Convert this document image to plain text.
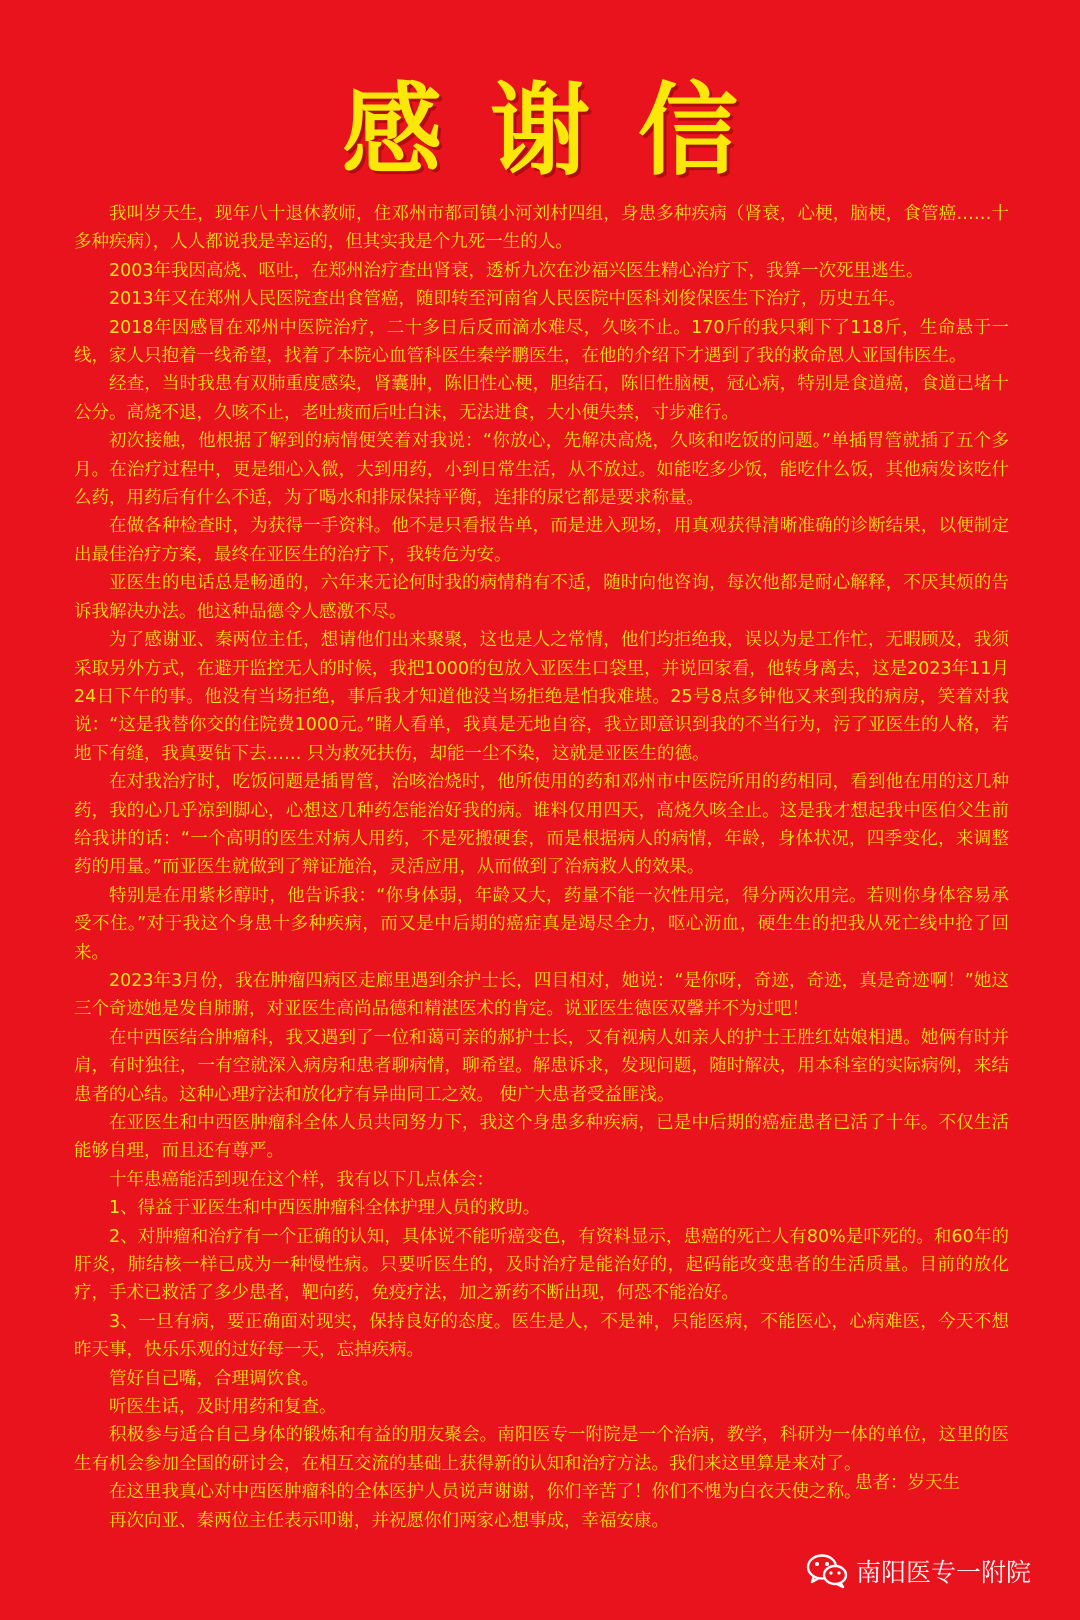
感谢信

我叫岁天生，现年八十退休教师，住邓州市都司镇小河刘村四组，身患多种疾病（肾衰，心梗，脑梗，食管癌……十多种疾病），人人都说我是幸运的，但其实我是个九死一生的人。

2003年我因高烧、呕吐，在郑州治疗查出肾衰，透析九次在沙福兴医生精心治疗下，我算一次死里逃生。

2013年又在郑州人民医院查出食管癌，随即转至河南省人民医院中医科刘俊保医生下治疗，历史五年。

2018年因感冒在邓州中医院治疗，二十多日后反而滴水难尽，久咳不止。170斤的我只剩下了118斤，生命悬于一线，家人只抱着一线希望，找着了本院心血管科医生秦学鹏医生，在他的介绍下才遇到了我的救命恩人亚国伟医生。

经查，当时我患有双肺重度感染，肾囊肿，陈旧性心梗，胆结石，陈旧性脑梗，冠心病，特别是食道癌，食道已堵十公分。高烧不退，久咳不止，老吐痰而后吐白沫，无法进食，大小便失禁，寸步难行。

初次接触，他根据了解到的病情便笑着对我说：“你放心，先解决高烧，久咳和吃饭的问题。”单插胃管就插了五个多月。在治疗过程中，更是细心入微，大到用药，小到日常生活，从不放过。如能吃多少饭，能吃什么饭，其他病发该吃什么药，用药后有什么不适，为了喝水和排尿保持平衡，连排的尿它都是要求称量。

在做各种检查时，为获得一手资料。他不是只看报告单，而是进入现场，用真观获得清晰准确的诊断结果，以便制定出最佳治疗方案，最终在亚医生的治疗下，我转危为安。

亚医生的电话总是畅通的，六年来无论何时我的病情稍有不适，随时向他咨询，每次他都是耐心解释，不厌其烦的告诉我解决办法。他这种品德令人感激不尽。

为了感谢亚、秦两位主任，想请他们出来聚聚，这也是人之常情，他们均拒绝我，误以为是工作忙，无暇顾及，我须采取另外方式，在避开监控无人的时候，我把1000的包放入亚医生口袋里，并说回家看，他转身离去，这是2023年11月24日下午的事。他没有当场拒绝，事后我才知道他没当场拒绝是怕我难堪。25号8点多钟他又来到我的病房，笑着对我说：“这是我替你交的住院费1000元。”睹人看单，我真是无地自容，我立即意识到我的不当行为，污了亚医生的人格，若地下有缝，我真要钻下去…… 只为救死扶伤，却能一尘不染，这就是亚医生的德。

在对我治疗时，吃饭问题是插胃管，治咳治烧时，他所使用的药和邓州市中医院所用的药相同，看到他在用的这几种药，我的心几乎凉到脚心，心想这几种药怎能治好我的病。谁料仅用四天，高烧久咳全止。这是我才想起我中医伯父生前给我讲的话：“一个高明的医生对病人用药，不是死搬硬套，而是根据病人的病情，年龄，身体状况，四季变化，来调整药的用量。”而亚医生就做到了辩证施治，灵活应用，从而做到了治病救人的效果。

特别是在用紫杉醇时，他告诉我：“你身体弱，年龄又大，药量不能一次性用完，得分两次用完。若则你身体容易承受不住。”对于我这个身患十多种疾病，而又是中后期的癌症真是竭尽全力，呕心沥血，硬生生的把我从死亡线中抢了回来。

2023年3月份，我在肿瘤四病区走廊里遇到余护士长，四目相对，她说：“是你呀，奇迹，奇迹，真是奇迹啊！”她这三个奇迹她是发自肺腑，对亚医生高尚品德和精湛医术的肯定。说亚医生德医双馨并不为过吧！

在中西医结合肿瘤科，我又遇到了一位和蔼可亲的郝护士长，又有视病人如亲人的护士王胜红姑娘相遇。她俩有时并肩，有时独往，一有空就深入病房和患者聊病情，聊希望。解患诉求，发现问题，随时解决，用本科室的实际病例，来结患者的心结。这种心理疗法和放化疗有异曲同工之效。 使广大患者受益匪浅。

在亚医生和中西医肿瘤科全体人员共同努力下，我这个身患多种疾病，已是中后期的癌症患者已活了十年。不仅生活能够自理，而且还有尊严。

十年患癌能活到现在这个样，我有以下几点体会：

1、得益于亚医生和中西医肿瘤科全体护理人员的救助。

2、对肿瘤和治疗有一个正确的认知，具体说不能听癌变色，有资料显示，患癌的死亡人有80%是吓死的。和60年的肝炎，肺结核一样已成为一种慢性病。只要听医生的，及时治疗是能治好的，起码能改变患者的生活质量。目前的放化疗，手术已救活了多少患者，靶向药，免疫疗法，加之新药不断出现，何恐不能治好。

3、一旦有病，要正确面对现实，保持良好的态度。医生是人，不是神，只能医病，不能医心，心病难医，今天不想昨天事，快乐乐观的过好每一天，忘掉疾病。

管好自己嘴，合理调饮食。

听医生话，及时用药和复查。

积极参与适合自己身体的锻炼和有益的朋友聚会。南阳医专一附院是一个治病，教学，科研为一体的单位，这里的医生有机会参加全国的研讨会，在相互交流的基础上获得新的认知和治疗方法。我们来这里算是来对了。

在这里我真心对中西医肿瘤科的全体医护人员说声谢谢，你们辛苦了！你们不愧为白衣天使之称。

再次向亚、秦两位主任表示叩谢，并祝愿你们两家心想事成，幸福安康。

患者：岁天生
南阳医专一附院
